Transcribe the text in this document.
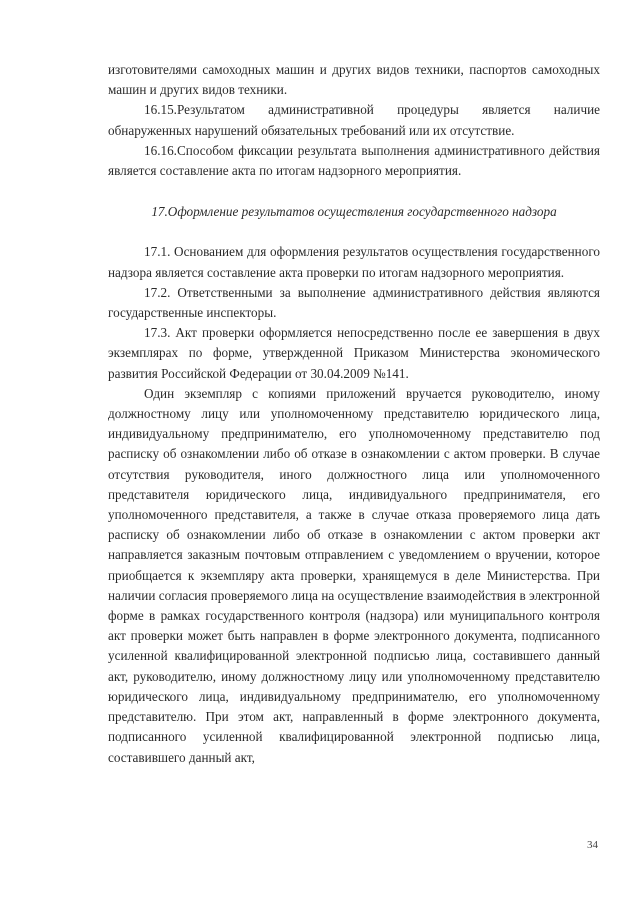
изготовителями самоходных машин и других видов техники, паспортов самоходных машин и других видов техники.

16.15.Результатом административной процедуры является наличие обнаруженных нарушений обязательных требований или их отсутствие.

16.16.Способом фиксации результата выполнения административного действия является составление акта по итогам надзорного мероприятия.

17.Оформление результатов осуществления государственного надзора

17.1. Основанием для оформления результатов осуществления государственного надзора является составление акта проверки по итогам надзорного мероприятия.

17.2. Ответственными за выполнение административного действия являются государственные инспекторы.

17.3. Акт проверки оформляется непосредственно после ее завершения в двух экземплярах по форме, утвержденной Приказом Министерства экономического развития Российской Федерации от 30.04.2009 №141.

Один экземпляр с копиями приложений вручается руководителю, иному должностному лицу или уполномоченному представителю юридического лица, индивидуальному предпринимателю, его уполномоченному представителю под расписку об ознакомлении либо об отказе в ознакомлении с актом проверки. В случае отсутствия руководителя, иного должностного лица или уполномоченного представителя юридического лица, индивидуального предпринимателя, его уполномоченного представителя, а также в случае отказа проверяемого лица дать расписку об ознакомлении либо об отказе в ознакомлении с актом проверки акт направляется заказным почтовым отправлением с уведомлением о вручении, которое приобщается к экземпляру акта проверки, хранящемуся в деле Министерства. При наличии согласия проверяемого лица на осуществление взаимодействия в электронной форме в рамках государственного контроля (надзора) или муниципального контроля акт проверки может быть направлен в форме электронного документа, подписанного усиленной квалифицированной электронной подписью лица, составившего данный акт, руководителю, иному должностному лицу или уполномоченному представителю юридического лица, индивидуальному предпринимателю, его уполномоченному представителю. При этом акт, направленный в форме электронного документа, подписанного усиленной квалифицированной электронной подписью лица, составившего данный акт,

34
